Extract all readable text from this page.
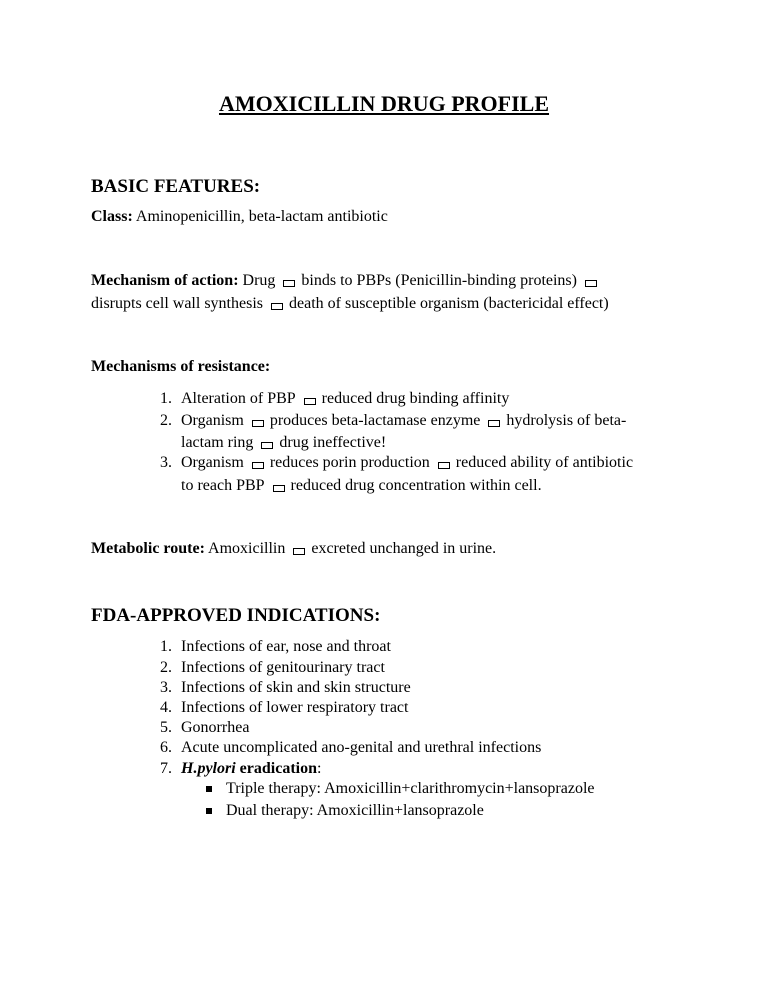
AMOXICILLIN DRUG PROFILE
BASIC FEATURES:
Class: Aminopenicillin, beta-lactam antibiotic
Mechanism of action: Drug binds to PBPs (Penicillin-binding proteins)
disrupts cell wall synthesis death of susceptible organism (bactericidal effect)
Mechanisms of resistance:
1. Alteration of PBP reduced drug binding affinity
2. Organism produces beta-lactamase enzyme hydrolysis of beta-
lactam ring drug ineffective!
3. Organism reduces porin production reduced ability of antibiotic
to reach PBP reduced drug concentration within cell.
Metabolic route: Amoxicillin excreted unchanged in urine.
FDA-APPROVED INDICATIONS:
1. Infections of ear, nose and throat
2. Infections of genitourinary tract
3. Infections of skin and skin structure
4. Infections of lower respiratory tract
5. Gonorrhea
6. Acute uncomplicated ano-genital and urethral infections
7. H.pylori eradication:
Triple therapy: Amoxicillin+clarithromycin+lansoprazole
Dual therapy: Amoxicillin+lansoprazole
